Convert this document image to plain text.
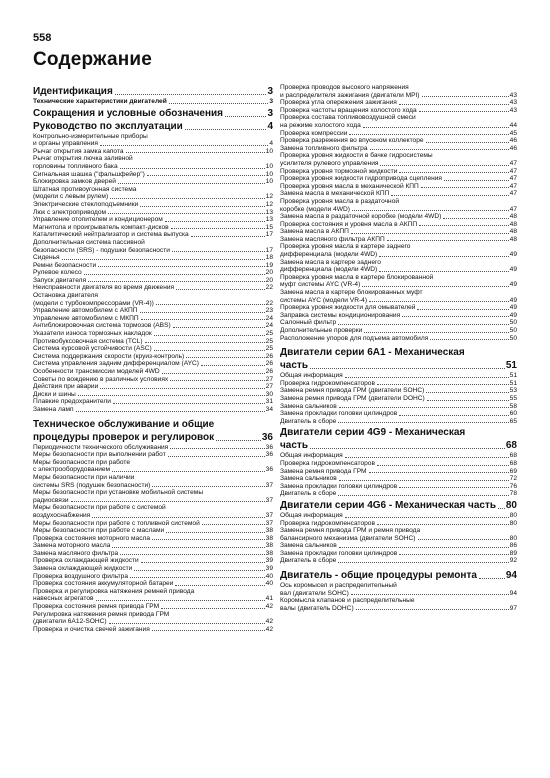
558
Содержание
Идентификация	3
Технические характеристики двигателей	3
Сокращения и условные обозначения	3
Руководство по эксплуатации	4
Контрольно-измерительные приборы
и органы управления	4
Рычаг открытия замка капота	10
Рычаг открытия лючка заливной
горловины топливного бака	10
Сигнальная шашка ("фальшфейер")	10
Блокировка замков дверей	10
Штатная противоугонная система
(модели с левым рулем)	12
Электрические стеклоподъемники	12
Люк с электроприводом	13
Управление отопителем и кондиционером	13
Магнитола и проигрыватель компакт-дисков	15
Каталитический нейтрализатор и система выпуска	17
Дополнительная система пассивной
безопасности (SRS) - подушки безопасности	17
Сиденья	18
Ремни безопасности	19
Рулевое колесо	20
Запуск двигателя	20
Неисправности двигателя во время движения	22
Остановка двигателя
(модели с турбокомпрессорами (VR-4))	22
Управление автомобилем с АКПП	23
Управление автомобилем с МКПП	24
Антиблокировочная система тормозов (ABS)	24
Указатели износа тормозных накладок	25
Противобуксовочная система (TCL)	25
Система курсовой устойчивости (ASC)	25
Система поддержания скорости (круиз-контроль)	26
Система управления задним дифференциалом (AYC)	26
Особенности трансмиссии моделей 4WD	26
Советы по вождению в различных условиях	27
Действия при аварии	27
Диски и шины	30
Плавкие предохранители	31
Замена ламп	34
Техническое обслуживание и общие
процедуры проверок и регулировок	36
Периодичности технического обслуживания	36
Меры безопасности при выполнении работ	36
Меры безопасности при работе
с электрооборудованием	36
Меры безопасности при наличии
системы SRS (подушек безопасности)	37
Меры безопасности при установке мобильной системы
радиосвязи	37
Меры безопасности при работе с системой
воздухоснабжения	37
Меры безопасности при работе с топливной системой	37
Меры безопасности при работе с маслами	38
Проверка состояния моторного масла	38
Замена моторного масла	38
Замена масляного фильтра	38
Проверка охлаждающей жидкости	39
Замена охлаждающей жидкости	39
Проверка воздушного фильтра	40
Проверка состояния аккумуляторной батареи	40
Проверка и регулировка натяжения ремней привода
навесных агрегатов	41
Проверка состояния ремня привода ГРМ	42
Регулировка натяжения ремня привода ГРМ
(двигатели 6A12-SOHC)	42
Проверка и очистка свечей зажигания	42
Проверка проводов высокого напряжения
и распределителя зажигания (двигатели MPI)	43
Проверка угла опережения зажигания	43
Проверка частоты вращения холостого хода	43
Проверка состава топливовоздушной смеси
на режиме холостого хода	44
Проверка компрессии	45
Проверка разрежения во впускном коллекторе	46
Замена топливного фильтра	46
Проверка уровня жидкости в бачке гидросистемы
усилителя рулевого управления	47
Проверка уровня тормозной жидкости	47
Проверка уровня жидкости гидропривода сцепления	47
Проверка уровня масла в механической КПП	47
Замена масла в механической КПП	47
Проверка уровня масла в раздаточной
коробке (модели 4WD)	47
Замена масла в раздаточной коробке (модели 4WD)	48
Проверка состояния и уровня масла в АКПП	48
Замена масла в АКПП	48
Замена масляного фильтра АКПП	48
Проверка уровня масла в картере заднего
дифференциала (модели 4WD)	49
Замена масла в картере заднего
дифференциала (модели 4WD)	49
Проверка уровня масла в картере блокированной
муфт системы AYC (VR-4)	49
Замена масла в картере блокированных муфт
системы AYC (модели VR-4)	49
Проверка уровня жидкости для омывателей	49
Заправка системы кондиционирования	49
Салонный фильтр	50
Дополнительные проверки	50
Расположение упоров для подъема автомобиля	50
Двигатели серии 6A1 - Механическая
часть	51
Общая информация	51
Проверка гидрокомпенсаторов	51
Замена ремня привода ГРМ (двигатели SOHC)	53
Замена ремня привода ГРМ (двигатели DOHC)	55
Замена сальников	58
Замена прокладки головки цилиндров	60
Двигатель в сборе	65
Двигатели серии 4G9 - Механическая
часть	68
Общая информация	68
Проверка гидрокомпенсаторов	68
Замена ремня привода ГРМ	69
Замена сальников	72
Замена прокладки головки цилиндров	76
Двигатель в сборе	78
Двигатели серии 4G6 - Механическая часть 80
Общая информация	80
Проверка гидрокомпенсаторов	80
Замена ремня привода ГРМ и ремня привода
балансирного механизма (двигатели SOHC)	80
Замена сальников	86
Замена прокладки головки цилиндров	89
Двигатель в сборе	92
Двигатель - общие процедуры ремонта	94
Ось коромысел и распределительный
вал (двигатели SOHC)	94
Коромысла клапанов и распределительные
валы (двигатель DOHC)	97
